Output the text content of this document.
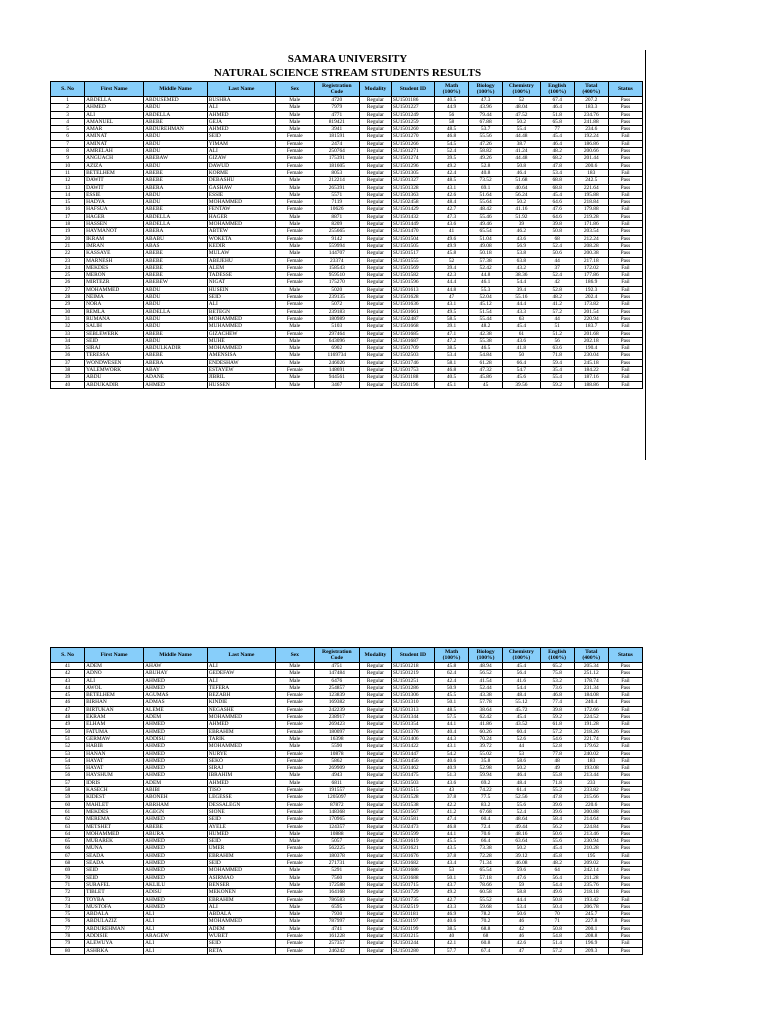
SAMARA UNIVERSITY
NATURAL SCIENCE STREAM STUDENTS RESULTS
S. No	First Name	Middle Name	Last Name	Sex	Registration Code	Modality	Student ID	Math (100%)	Biology (100%)	Chemistry (100%)	English (100%)	Total (400%)	Status
1	ABDELLA	ABDUSEMED	BUSHRA	Male	4720	Regular	SU1501186	40.5	47.3	52	67.4	207.2	Pass
2	AHMED	ABDU	ALI	Male	7979	Regular	SU1501227	44.9	43.96	48.04	46.4	183.3	Pass
3	ALI	ABDELLA	AHMED	Male	4771	Regular	SU1501249	56	79.44	47.52	51.8	234.76	Pass
4	AMANUEL	ABEBE	GEJA	Male	819421	Regular	SU1501259	58	67.88	50.2	65.8	241.88	Pass
5	AMAR	ABDUREHMAN	AHMED	Male	3941	Regular	SU1501260	48.5	53.7	55.4	77	234.6	Pass
6	AMINAT	ABDU	SEID	Female	181591	Regular	SU1501270	46.8	55.56	44.48	45.4	192.24	Fail
7	AMINAT	ABDU	YIMAM	Female	2474	Regular	SU1501266	54.5	47.26	38.7	46.4	186.86	Fail
8	AMRELAH	ABDU	ALI	Female	250764	Regular	SU1501271	52.4	58.82	41.24	48.2	200.66	Pass
9	ANGUACH	ABEBAW	GIZAW	Female	175391	Regular	SU1501274	39.5	49.26	44.48	68.2	201.44	Pass
10	AZIZA	ABDU	DAWUD	Female	181605	Regular	SU1501296	49.2	52.8	50.8	47.8	200.6	Pass
11	BETELHEM	ABEBE	KORME	Female	8053	Regular	SU1501305	42.4	40.8	46.4	53.4	183	Fail
12	DAWIT	ABEBE	DEBASHU	Male	212214	Regular	SU1501327	48.5	73.52	51.68	68.8	242.5	Pass
13	DAWIT	ABERA	GASHAW	Male	265391	Regular	SU1501328	43.1	69.1	40.64	68.8	221.64	Pass
14	ESSIE	ABDU	ESSIE	Male	5571	Regular	SU1501363	42.6	51.64	56.24	45.4	195.88	Fail
15	HADYA	ABDU	MOHAMMED	Female	7119	Regular	SU1502458	48.4	55.64	50.2	64.6	218.84	Pass
16	HAFSUA	ABEBE	FENTAW	Female	10626	Regular	SU1501429	42.7	48.42	41.16	47.6	179.88	Fail
17	HAGER	ABDELLA	HAGER	Male	8871	Regular	SU1501432	47.3	55.46	51.92	64.6	219.28	Pass
18	HASSEN	ABDELLA	MOHAMMED	Male	8209	Regular	SU1501449	43.6	49.46	39	39.8	171.86	Fail
19	HAYMANOT	ABERA	ABTEW	Female	255665	Regular	SU1501470	41	65.54	46.2	50.8	203.54	Pass
20	IKRAM	ABABU	WOKETA	Female	9142	Regular	SU1501504	49.6	51.04	43.6	68	212.24	Pass
21	IMRAN	ABAS	KEDIR	Male	559994	Regular	SU1501505	49.9	49.08	56.9	52.4	208.28	Pass
22	KASSAYE	ABEBE	MULAW	Male	144707	Regular	SU1501517	45.8	50.18	53.8	50.6	200.38	Pass
23	MARNESH	ABEBE	ABEJEHU	Female	23374	Regular	SU1501555	52	57.38	63.8	44	217.18	Pass
24	MEKDES	ABEBE	ALEM	Female	158543	Regular	SU1501569	39.4	52.42	43.2	37	172.02	Fail
25	MERON	ABEBE	TADESSE	Female	959510	Regular	SU1501582	42.3	44.8	38.36	52.4	177.86	Fail
26	MIRTEZR	ABEBEW	NIGAT	Female	175270	Regular	SU1501596	44.4	46.1	54.4	42	186.9	Fail
27	MOHAMMED	ABDU	HUSEIN	Male	5020	Regular	SU1501613	44.8	55.3	39.4	52.8	192.3	Fail
28	NEIMA	ABDU	SEID	Female	239135	Regular	SU1501628	47	52.04	55.16	48.2	202.4	Pass
29	NORA	ABDU	ALI	Female	5072	Regular	SU1501636	43.1	45.12	44.4	41.2	173.82	Fail
30	REMLA	ABDELLA	BETEGN	Female	239183	Regular	SU1501661	49.5	51.54	43.3	57.2	201.54	Pass
31	RUMANA	ABDU	MOHAMMED	Female	180989	Regular	SU1502487	58.5	55.44	63	44	220.94	Pass
32	SALIH	ABDU	MUHAMMED	Male	5103	Regular	SU1501668	39.1	48.2	45.4	51	183.7	Fail
33	SEBLEWERK	ABEBE	GIZACHEW	Female	297464	Regular	SU1501685	47.1	42.38	61	51.2	201.68	Pass
34	SEID	ABDU	MUHE	Male	643096	Regular	SU1501687	47.2	55.38	43.6	56	202.18	Pass
35	SIRAJ	ABDULKADIR	MOHAMMED	Male	6902	Regular	SU1501709	38.5	46.5	41.8	63.6	190.4	Fail
36	TERESSA	ABEBE	AMENSISA	Male	1169734	Regular	SU1502503	53.4	54.84	50	71.8	230.04	Pass
37	WONDWESEN	ABERA	ENDESHAW	Male	246026	Regular	SU1501746	58.1	61.28	66.4	59.4	245.18	Pass
38	YALEMWORK	ABAY	ESTAYEW	Female	148691	Regular	SU1501753	46.8	47.32	54.7	35.4	184.22	Fail
39	ABDU	ADANE	JIBRIL	Male	944561	Regular	SU1501188	40.5	45.86	45.6	55.4	187.16	Fail
40	ABDUKADIR	AHMED	HUSSEN	Male	3467	Regular	SU1501196	45.1	45	39.56	59.2	188.86	Fail
S. No	First Name	Middle Name	Last Name	Sex	Registration Code	Modality	Student ID	Math (100%)	Biology (100%)	Chemistry (100%)	English (100%)	Total (400%)	Status
41	ADEM	AHAW	ALI	Male	4751	Regular	SU1501218	45.8	48.94	45.4	65.2	205.34	Pass
42	ADNO	ABUHAY	GEDEFAW	Male	147484	Regular	SU1501219	62.4	56.52	56.4	75.8	251.12	Pass
43	ALI	AHMED	ALI	Male	6476	Regular	SU1501251	42.4	41.54	41.6	53.2	178.74	Fail
44	AWOL	AHMED	TEFERA	Male	254857	Regular	SU1501286	50.9	52.44	54.4	73.6	231.34	Pass
45	BETELHEM	AGUMAS	BEZABH	Female	123839	Regular	SU1501306	45.5	43.38	48.4	46.8	184.08	Fail
46	BIRHAN	ADMAS	KINDIE	Female	169382	Regular	SU1501310	50.1	57.78	55.12	77.4	240.4	Pass
47	BIRTUKAN	ALEME	NEGASHE	Female	242239	Regular	SU1501313	48.5	38.64	45.72	39.8	172.66	Fail
48	EKRAM	ADEM	MOHAMMED	Female	238917	Regular	SU1501344	57.5	62.42	45.4	59.2	224.52	Pass
49	ELHAM	AHMED	AHMED	Female	269423	Regular	SU1501354	44.1	41.86	43.52	61.8	191.28	Fail
50	FATUMA	AHMED	EBRAHIM	Female	180097	Regular	SU1501376	40.4	60.26	60.4	57.2	218.26	Pass
51	GERMAW	ADDISU	TARIK	Male	16398	Regular	SU1501406	44.3	70.24	52.6	54.6	221.74	Pass
52	HABIB	AHMED	MOHAMMED	Male	5590	Regular	SU1501422	43.1	39.72	44	52.8	179.62	Fail
53	HANAN	AHMED	NURYE	Female	10878	Regular	SU1501447	54.2	55.02	53	77.8	240.02	Pass
54	HAYAT	AHMED	SEKO	Female	5862	Regular	SU1501456	40.6	35.8	58.6	48	183	Fail
55	HAYAT	AHMED	SIRAJ	Female	269909	Regular	SU1501462	40.9	52.98	50.2	49	193.08	Fail
56	HAYSHUM	AHMED	IBRAHIM	Male	4943	Regular	SU1501475	51.3	59.94	46.4	55.8	213.44	Pass
57	IDRIS	ADEM	AHMED	Male	6811	Regular	SU1501503	43.6	69.2	48.4	71.8	233	Pass
58	KASECH	ABIBI	TISO	Female	191557	Regular	SU1501515	43	74.22	61.4	55.2	233.82	Pass
59	KIDEST	ABONEH	LEGESSE	Female	1205097	Regular	SU1501528	37.8	77.5	52.56	47.8	215.66	Pass
60	MAHLET	ABRHAM	DESSALEGN	Female	87872	Regular	SU1501538	42.2	83.2	55.6	39.6	220.6	Pass
61	MEKDES	AGEGN	SIONE	Female	148368	Regular	SU1501567	41.2	67.68	52.4	39.6	200.88	Pass
62	MEREMA	AHMED	SEID	Female	170965	Regular	SU1501581	47.4	60.4	48.64	58.4	214.64	Pass
63	METSHET	ABEBE	AYELE	Female	124357	Regular	SU1502473	46.8	72.4	49.44	56.2	224.84	Pass
64	MOHAMMED	ABURA	HUMED	Male	10888	Regular	SU1501599	44.1	70.6	48.16	50.6	213.46	Pass
65	MUBAREK	AHMED	SEID	Male	5057	Regular	SU1501619	45.5	66.4	63.64	55.6	230.94	Pass
66	MUNA	AHMED	UMER	Female	562225	Regular	SU1501621	43.5	73.38	50.2	45.4	210.28	Pass
67	SEADA	AHMED	EBRAHIM	Female	180378	Regular	SU1501676	37.8	72.28	39.12	45.8	195	Fail
68	SEADA	AHMED	SEID	Female	271731	Regular	SU1501682	43.4	71.34	46.08	48.2	209.02	Pass
69	SEID	AHMED	MOHAMMED	Male	5291	Regular	SU1501686	53	65.54	59.6	64	242.14	Pass
70	SEID	AHMED	ASIRMAO	Male	7560	Regular	SU1501688	50.1	57.18	47.6	56.4	211.28	Pass
71	SURAFEL	AKLILU	BENSER	Male	172588	Regular	SU1501715	43.7	78.66	59	54.4	235.76	Pass
72	TIBLET	ADISU	MEKONEN	Female	164168	Regular	SU1501729	49.2	60.58	58.8	49.6	218.18	Pass
73	TOYBA	AHMED	EBRAHIM	Female	786583	Regular	SU1501735	42.7	55.52	44.4	50.8	193.42	Fail
74	MUSTOFA	AHMED	ALI	Male	6595	Regular	SU1502519	43.3	59.68	53.4	50.4	206.78	Pass
75	ABDALA	ALI	ABDALA	Male	7930	Regular	SU1501181	46.9	78.2	50.6	70	245.7	Pass
76	ABDULAZIZ	ALI	MOHAMMED	Male	787997	Regular	SU1501197	40.6	70.2	46	71	227.8	Pass
77	ABDUREHMAN	ALI	ADEM	Male	4741	Regular	SU1501199	38.5	68.8	42	50.8	200.1	Pass
78	ADDISIE	ARAGEW	WUBET	Female	161228	Regular	SU1501215	40	68	46	54.8	208.8	Pass
79	ALEWUYA	ALI	SEID	Female	257357	Regular	SU1501244	42.1	60.8	42.6	51.4	196.9	Fail
80	ASHRKA	ALI	RETA	Female	246242	Regular	SU1501280	57.7	67.4	47	57.2	209.3	Pass
